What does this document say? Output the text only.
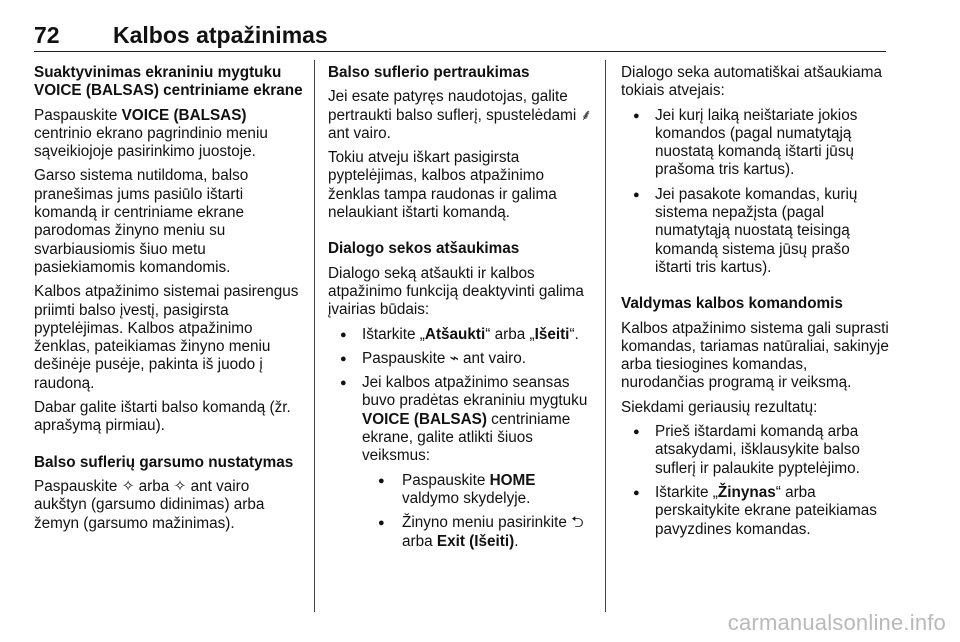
72 Kalbos atpažinimas

Suaktyvinimas ekraniniu mygtuku VOICE (BALSAS) centriniame ekrane

Paspauskite VOICE (BALSAS) centrinio ekrano pagrindinio meniu sąveikiojoje pasirinkimo juostoje.

Garso sistema nutildoma, balso pranešimas jums pasiūlo ištarti komandą ir centriniame ekrane parodomas žinyno meniu su svarbiausiomis šiuo metu pasiekiamomis komandomis.

Kalbos atpažinimo sistemai pasirengus priimti balso įvestį, pasigirsta pyptelėjimas. Kalbos atpažinimo ženklas, pateikiamas žinyno meniu dešinėje pusėje, pakinta iš juodo į raudoną.

Dabar galite ištarti balso komandą (žr. aprašymą pirmiau).

Balso suflerių garsumo nustatymas

Paspauskite ✧ arba ✧ ant vairo aukštyn (garsumo didinimas) arba žemyn (garsumo mažinimas).

Balso suflerio pertraukimas

Jei esate patyręs naudotojas, galite pertraukti balso suflerį, spustelėdami ⸙ ant vairo.

Tokiu atveju iškart pasigirsta pyptelėjimas, kalbos atpažinimo ženklas tampa raudonas ir galima nelaukiant ištarti komandą.

Dialogo sekos atšaukimas

Dialogo seką atšaukti ir kalbos atpažinimo funkciją deaktyvinti galima įvairias būdais:

● Ištarkite „Atšaukti“ arba „Išeiti“.
● Paspauskite ⌁ ant vairo.
● Jei kalbos atpažinimo seansas buvo pradėtas ekraniniu mygtuku VOICE (BALSAS) centriniame ekrane, galite atlikti šiuos veiksmus:
● Paspauskite HOME valdymo skydelyje.
● Žinyno meniu pasirinkite ⮌ arba Exit (Išeiti).

Dialogo seka automatiškai atšaukiama tokiais atvejais:

● Jei kurį laiką neištariate jokios komandos (pagal numatytąją nuostatą komandą ištarti jūsų prašoma tris kartus).
● Jei pasakote komandas, kurių sistema nepažįsta (pagal numatytąją nuostatą teisingą komandą sistema jūsų prašo ištarti tris kartus).

Valdymas kalbos komandomis

Kalbos atpažinimo sistema gali suprasti komandas, tariamas natūraliai, sakinyje arba tiesiogines komandas, nurodančias programą ir veiksmą.

Siekdami geriausių rezultatų:

● Prieš ištardami komandą arba atsakydami, išklausykite balso suflerį ir palaukite pyptelėjimo.
● Ištarkite „Žinynas“ arba perskaitykite ekrane pateikiamas pavyzdines komandas.
carmanualsonline.info
